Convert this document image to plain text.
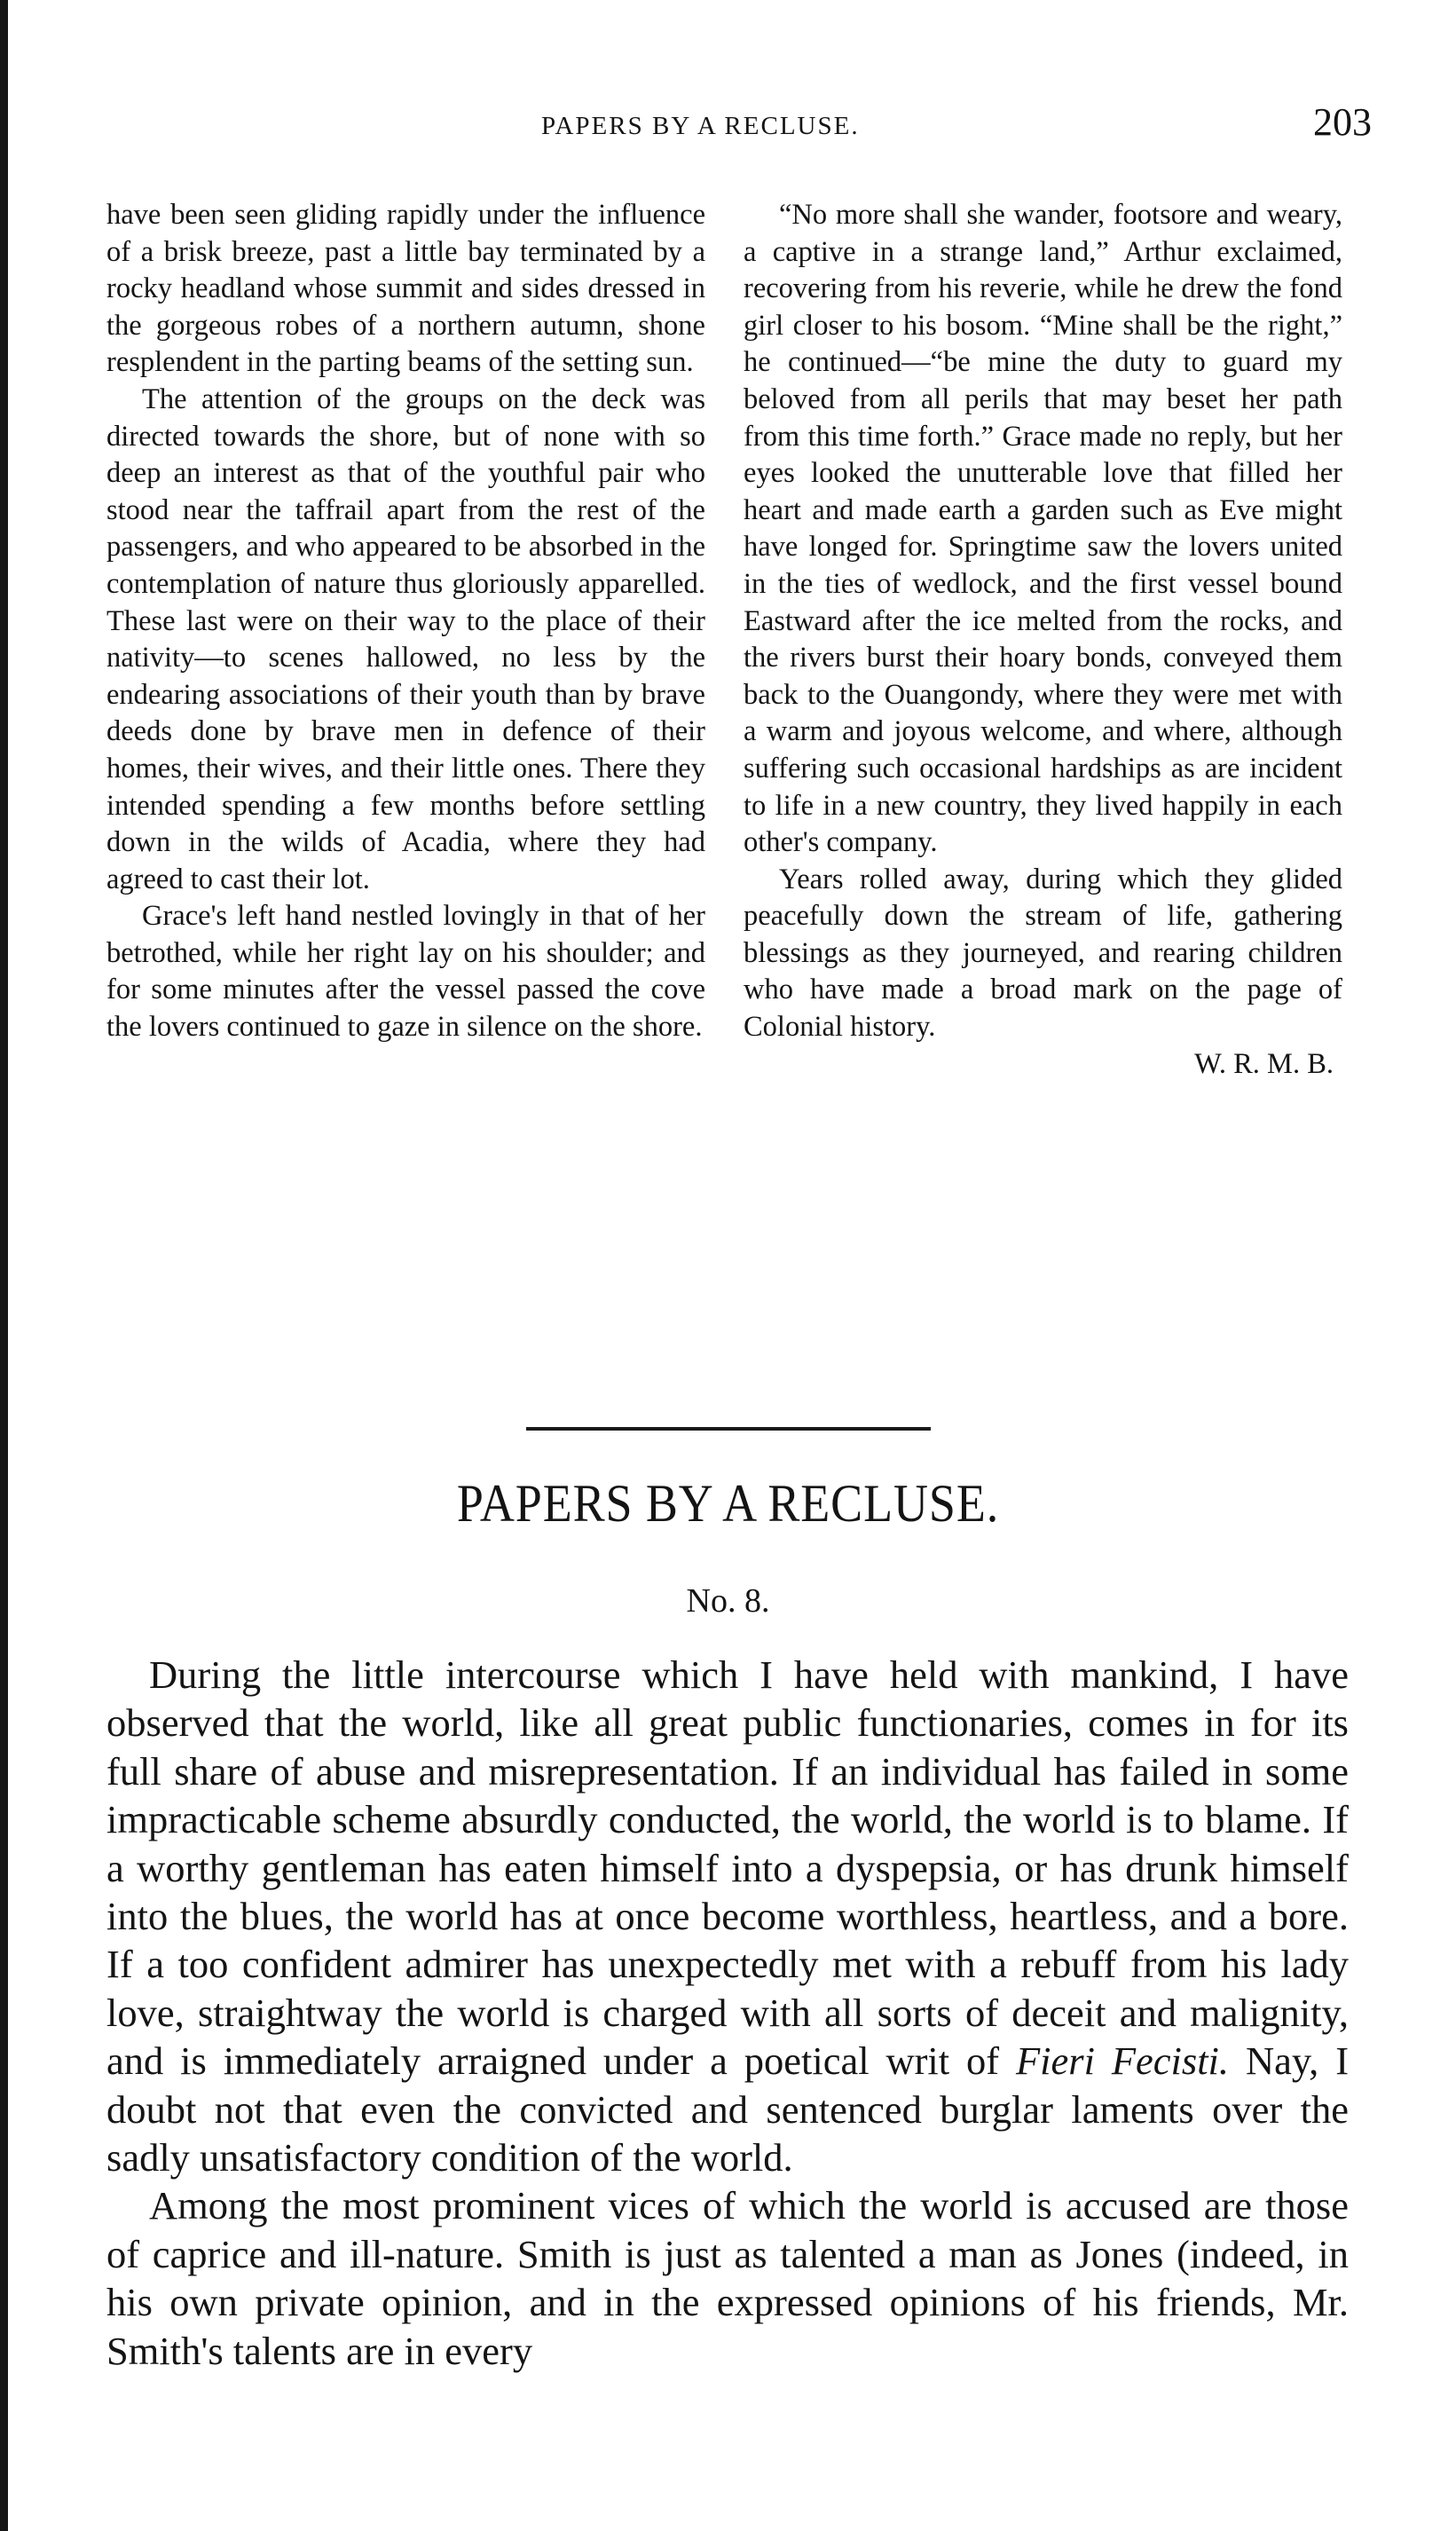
PAPERS BY A RECLUSE.	203

have been seen gliding rapidly under the influence of a brisk breeze, past a little bay terminated by a rocky headland whose summit and sides dressed in the gorgeous robes of a northern autumn, shone resplendent in the parting beams of the setting sun.

The attention of the groups on the deck was directed towards the shore, but of none with so deep an interest as that of the youthful pair who stood near the taffrail apart from the rest of the passengers, and who appeared to be absorbed in the contemplation of nature thus gloriously apparelled. These last were on their way to the place of their nativity—to scenes hallowed, no less by the endearing associations of their youth than by brave deeds done by brave men in defence of their homes, their wives, and their little ones. There they intended spending a few months before settling down in the wilds of Acadia, where they had agreed to cast their lot.

Grace's left hand nestled lovingly in that of her betrothed, while her right lay on his shoulder; and for some minutes after the vessel passed the cove the lovers continued to gaze in silence on the shore.

“No more shall she wander, footsore and weary, a captive in a strange land,” Arthur exclaimed, recovering from his reverie, while he drew the fond girl closer to his bosom. “Mine shall be the right,” he continued—“be mine the duty to guard my beloved from all perils that may beset her path from this time forth.” Grace made no reply, but her eyes looked the unutterable love that filled her heart and made earth a garden such as Eve might have longed for. Springtime saw the lovers united in the ties of wedlock, and the first vessel bound Eastward after the ice melted from the rocks, and the rivers burst their hoary bonds, conveyed them back to the Ouangondy, where they were met with a warm and joyous welcome, and where, although suffering such occasional hardships as are incident to life in a new country, they lived happily in each other's company.

Years rolled away, during which they glided peacefully down the stream of life, gathering blessings as they journeyed, and rearing children who have made a broad mark on the page of Colonial history.

W. R. M. B.

PAPERS BY A RECLUSE.
No. 8.

During the little intercourse which I have held with mankind, I have observed that the world, like all great public functionaries, comes in for its full share of abuse and misrepresentation. If an individual has failed in some impracticable scheme absurdly conducted, the world, the world is to blame. If a worthy gentleman has eaten himself into a dyspepsia, or has drunk himself into the blues, the world has at once become worthless, heartless, and a bore. If a too confident admirer has unexpectedly met with a rebuff from his lady love, straightway the world is charged with all sorts of deceit and malignity, and is immediately arraigned under a poetical writ of Fieri Fecisti. Nay, I doubt not that even the convicted and sentenced burglar laments over the sadly unsatisfactory condition of the world.

Among the most prominent vices of which the world is accused are those of caprice and ill-nature. Smith is just as talented a man as Jones (indeed, in his own private opinion, and in the expressed opinions of his friends, Mr. Smith's talents are in every
